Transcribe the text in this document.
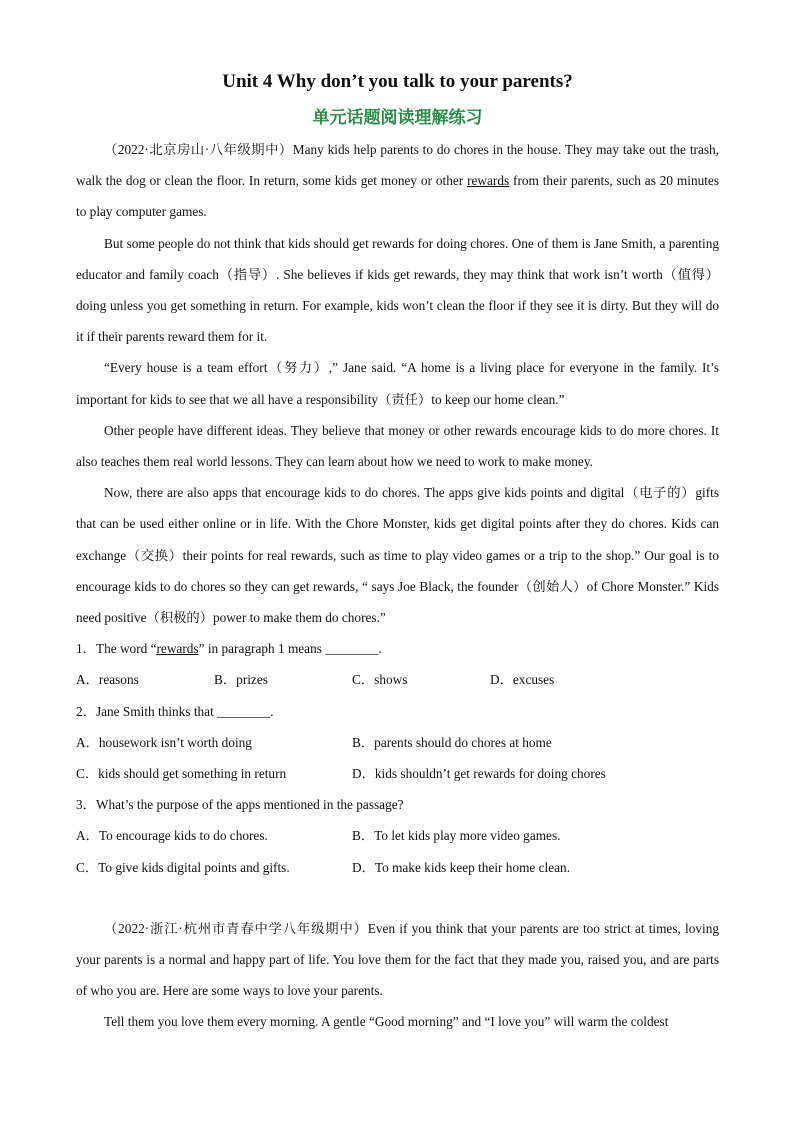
Unit 4 Why don’t you talk to your parents?
单元话题阅读理解练习

（2022·北京房山·八年级期中）Many kids help parents to do chores in the house. They may take out the trash, walk the dog or clean the floor. In return, some kids get money or other rewards from their parents, such as 20 minutes to play computer games.

But some people do not think that kids should get rewards for doing chores. One of them is Jane Smith, a parenting educator and family coach（指导）. She believes if kids get rewards, they may think that work isn’t worth（值得）doing unless you get something in return. For example, kids won’t clean the floor if they see it is dirty. But they will do it if their parents reward them for it.

“Every house is a team effort（努力）,” Jane said. “A home is a living place for everyone in the family. It’s important for kids to see that we all have a responsibility（责任）to keep our home clean.”

Other people have different ideas. They believe that money or other rewards encourage kids to do more chores. It also teaches them real world lessons. They can learn about how we need to work to make money.

Now, there are also apps that encourage kids to do chores. The apps give kids points and digital（电子的）gifts that can be used either online or in life. With the Chore Monster, kids get digital points after they do chores. Kids can exchange（交换）their points for real rewards, such as time to play video games or a trip to the shop.” Our goal is to encourage kids to do chores so they can get rewards, “ says Joe Black, the founder（创始人）of Chore Monster.” Kids need positive（积极的）power to make them do chores.”

1．The word “rewards” in paragraph 1 means ________.

A．reasons	B．prizes	C．shows	D．excuses

2．Jane Smith thinks that ________.

A．housework isn’t worth doing	B．parents should do chores at home
C．kids should get something in return	D．kids shouldn’t get rewards for doing chores

3．What’s the purpose of the apps mentioned in the passage?

A．To encourage kids to do chores.	B．To let kids play more video games.
C．To give kids digital points and gifts.	D．To make kids keep their home clean.

（2022·浙江·杭州市青春中学八年级期中）Even if you think that your parents are too strict at times, loving your parents is a normal and happy part of life. You love them for the fact that they made you, raised you, and are parts of who you are. Here are some ways to love your parents.

Tell them you love them every morning. A gentle “Good morning” and “I love you” will warm the coldest
